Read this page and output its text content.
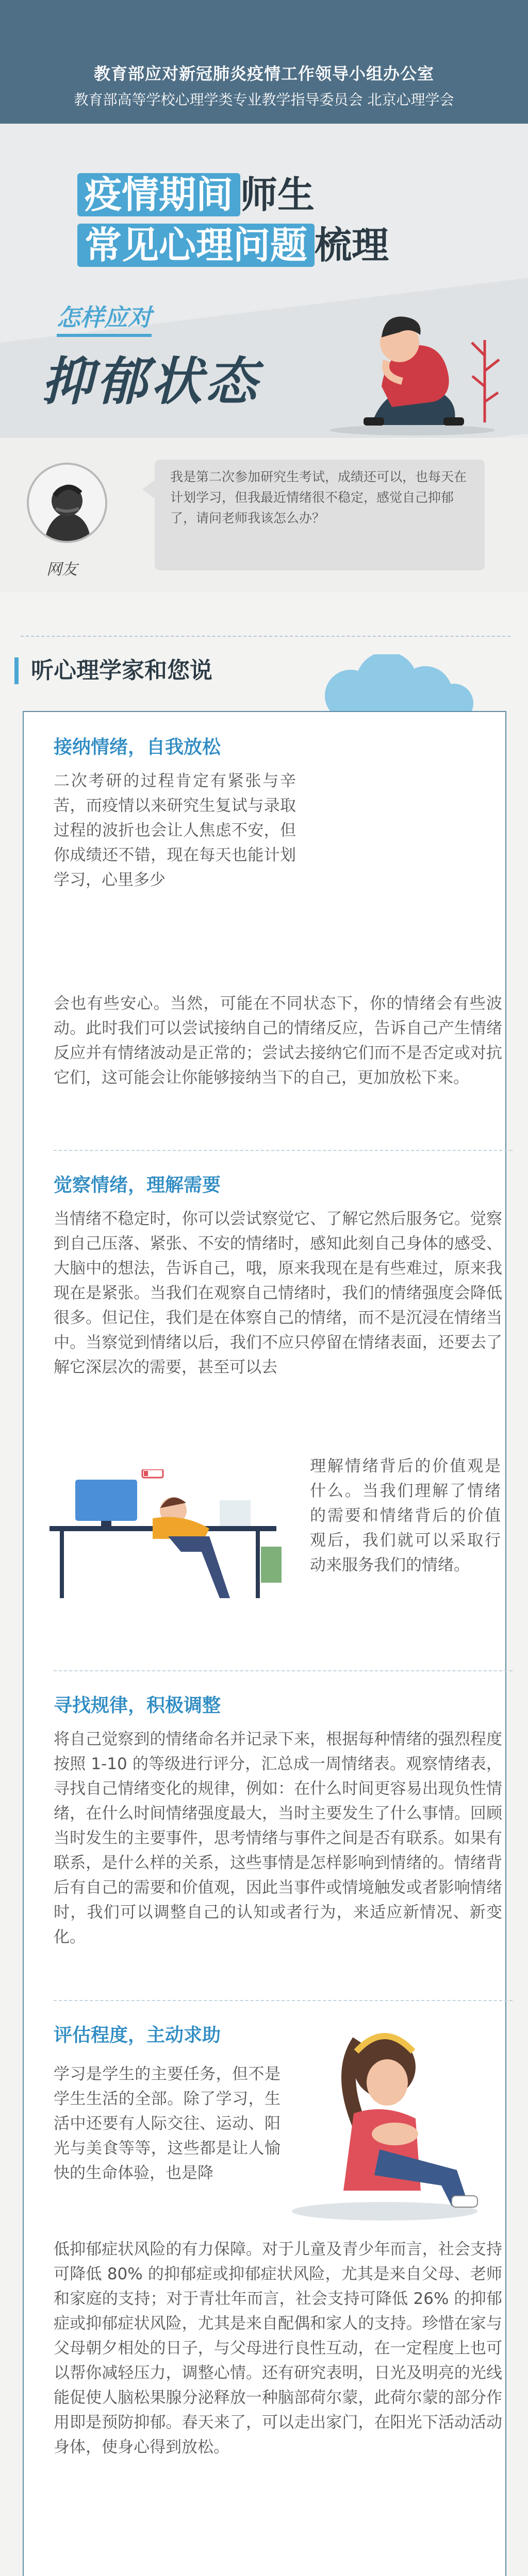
教育部应对新冠肺炎疫情工作领导小组办公室
教育部高等学校心理学类专业教学指导委员会 北京心理学会
疫情期间 师生
常见心理问题 梳理
怎样应对
抑郁状态
网友
我是第二次参加研究生考试，成绩还可以，也每天在计划学习，但我最近情绪很不稳定，感觉自己抑郁了，请问老师我该怎么办？
听心理学家和您说
接纳情绪，自我放松
二次考研的过程肯定有紧张与辛苦，而疫情以来研究生复试与录取过程的波折也会让人焦虑不安，但你成绩还不错，现在每天也能计划学习，心里多少
会也有些安心。当然，可能在不同状态下，你的情绪会有些波动。此时我们可以尝试接纳自己的情绪反应，告诉自己产生情绪反应并有情绪波动是正常的；尝试去接纳它们而不是否定或对抗它们，这可能会让你能够接纳当下的自己，更加放松下来。
觉察情绪，理解需要
当情绪不稳定时，你可以尝试察觉它、了解它然后服务它。觉察到自己压落、紧张、不安的情绪时，感知此刻自己身体的感受、大脑中的想法，告诉自己，哦，原来我现在是有些难过，原来我现在是紧张。当我们在观察自己情绪时，我们的情绪强度会降低很多。但记住，我们是在体察自己的情绪，而不是沉浸在情绪当中。当察觉到情绪以后，我们不应只停留在情绪表面，还要去了解它深层次的需要，甚至可以去
理解情绪背后的价值观是什么。当我们理解了情绪的需要和情绪背后的价值观后，我们就可以采取行动来服务我们的情绪。
寻找规律，积极调整
将自己觉察到的情绪命名并记录下来，根据每种情绪的强烈程度按照 1-10 的等级进行评分，汇总成一周情绪表。观察情绪表，寻找自己情绪变化的规律，例如：在什么时间更容易出现负性情绪，在什么时间情绪强度最大，当时主要发生了什么事情。回顾当时发生的主要事件，思考情绪与事件之间是否有联系。如果有联系，是什么样的关系，这些事情是怎样影响到情绪的。情绪背后有自己的需要和价值观，因此当事件或情境触发或者影响情绪时，我们可以调整自己的认知或者行为，来适应新情况、新变化。
评估程度，主动求助
学习是学生的主要任务，但不是学生生活的全部。除了学习，生活中还要有人际交往、运动、阳光与美食等等，这些都是让人愉快的生命体验，也是降
低抑郁症状风险的有力保障。对于儿童及青少年而言，社会支持可降低 80% 的抑郁症或抑郁症状风险，尤其是来自父母、老师和家庭的支持；对于青壮年而言，社会支持可降低 26% 的抑郁症或抑郁症状风险，尤其是来自配偶和家人的支持。珍惜在家与父母朝夕相处的日子，与父母进行良性互动，在一定程度上也可以帮你减轻压力，调整心情。还有研究表明，日光及明亮的光线能促使人脑松果腺分泌释放一种脑部荷尔蒙，此荷尔蒙的部分作用即是预防抑郁。春天来了，可以走出家门，在阳光下活动活动身体，使身心得到放松。
